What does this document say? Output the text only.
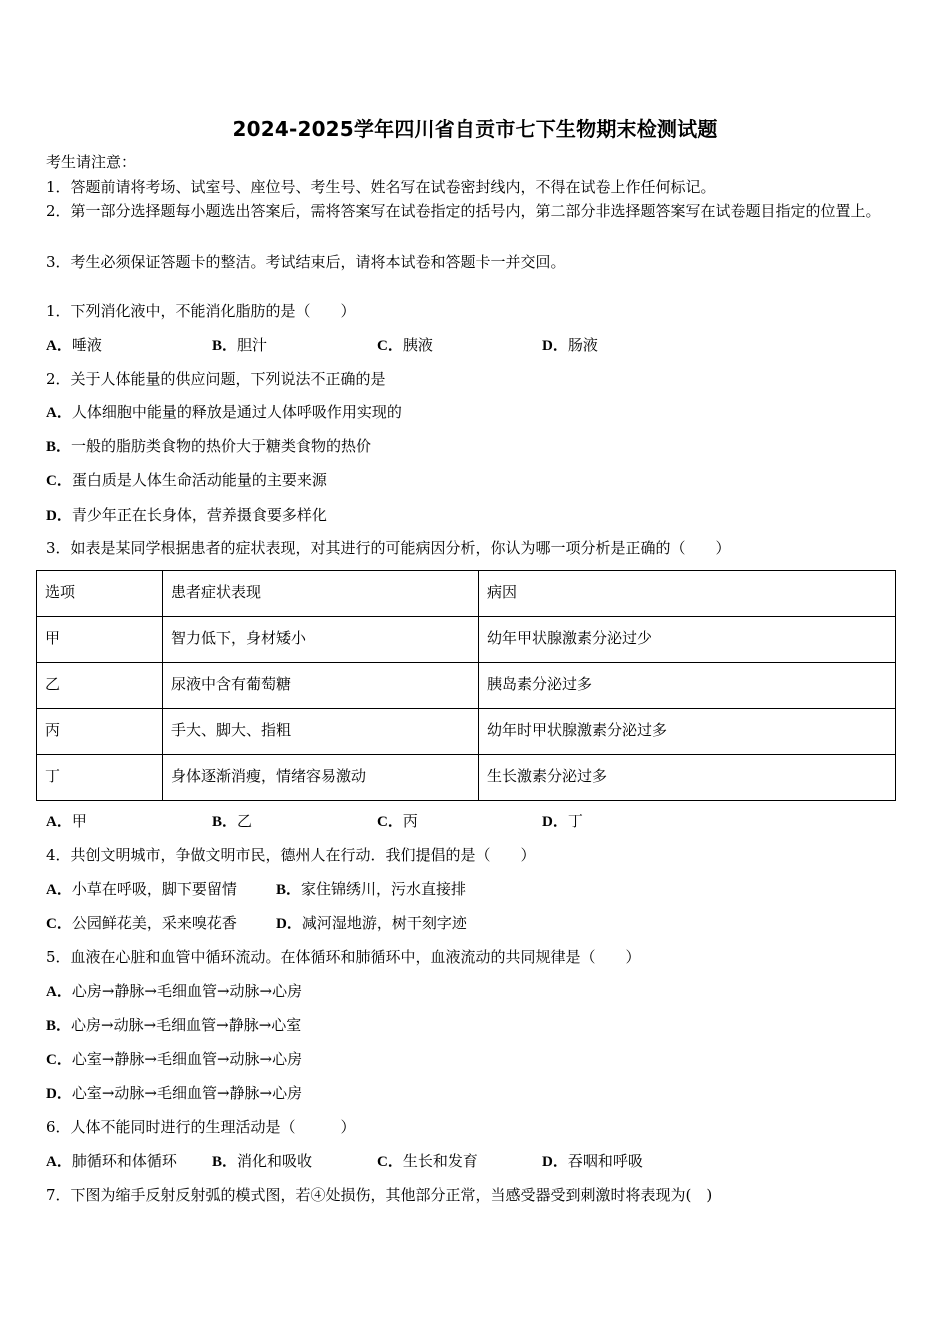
2024-2025学年四川省自贡市七下生物期末检测试题
考生请注意：
1．答题前请将考场、试室号、座位号、考生号、姓名写在试卷密封线内，不得在试卷上作任何标记。
2．第一部分选择题每小题选出答案后，需将答案写在试卷指定的括号内，第二部分非选择题答案写在试卷题目指定的位置上。
3．考生必须保证答题卡的整洁。考试结束后，请将本试卷和答题卡一并交回。
1．下列消化液中，不能消化脂肪的是（　　）
A．唾液	B．胆汁	C．胰液	D．肠液
2．关于人体能量的供应问题，下列说法不正确的是
A．人体细胞中能量的释放是通过人体呼吸作用实现的
B．一般的脂肪类食物的热价大于糖类食物的热价
C．蛋白质是人体生命活动能量的主要来源
D．青少年正在长身体，营养摄食要多样化
3．如表是某同学根据患者的症状表现，对其进行的可能病因分析，你认为哪一项分析是正确的（　　）
选项	患者症状表现	病因
甲	智力低下，身材矮小	幼年甲状腺激素分泌过少
乙	尿液中含有葡萄糖	胰岛素分泌过多
丙	手大、脚大、指粗	幼年时甲状腺激素分泌过多
丁	身体逐渐消瘦，情绪容易激动	生长激素分泌过多
A．甲	B．乙	C．丙	D．丁
4．共创文明城市，争做文明市民，德州人在行动．我们提倡的是（　　）
A．小草在呼吸，脚下要留情	B．家住锦绣川，污水直接排
C．公园鲜花美，采来嗅花香	D．减河湿地游，树干刻字迹
5．血液在心脏和血管中循环流动。在体循环和肺循环中，血液流动的共同规律是（　　）
A．心房→静脉→毛细血管→动脉→心房
B．心房→动脉→毛细血管→静脉→心室
C．心室→静脉→毛细血管→动脉→心房
D．心室→动脉→毛细血管→静脉→心房
6．人体不能同时进行的生理活动是（　　　）
A．肺循环和体循环 B．消化和吸收	C．生长和发育	D．吞咽和呼吸
7．下图为缩手反射反射弧的模式图，若④处损伤，其他部分正常，当感受器受到刺激时将表现为(　)
